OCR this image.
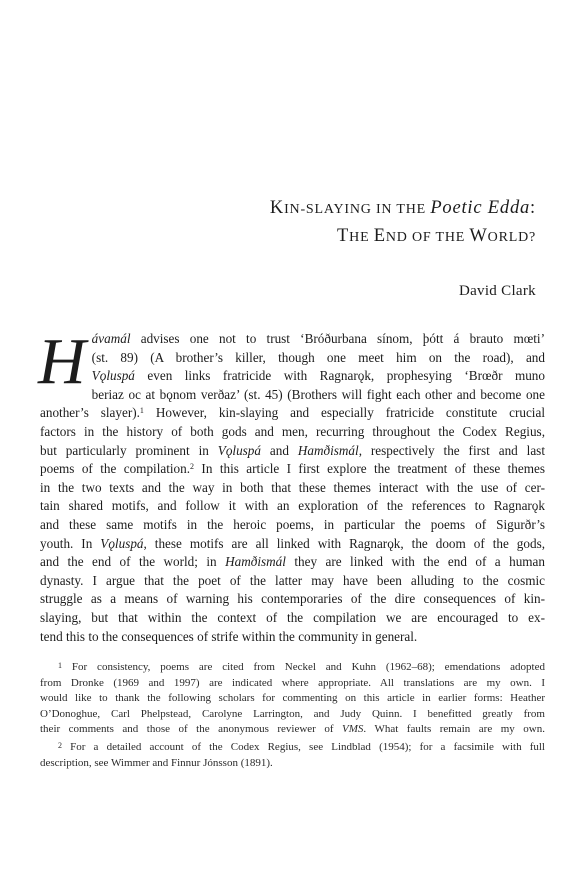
KIN-SLAYING IN THE Poetic Edda:
THE END OF THE WORLD?
David Clark
H ávamál advises one not to trust ‘Bróðurbana sínom, þótt á brauto mœti’
(st. 89) (A brother’s killer, though one meet him on the road), and
Vǫluspá even links fratricide with Ragnarǫk, prophesying ‘Brœðr muno
beriaz oc at bǫnom verðaz’ (st. 45) (Brothers will fight each other and become one
another’s slayer).$^1$ However, kin-slaying and especially fratricide constitute crucial
factors in the history of both gods and men, recurring throughout the Codex Regius,
but particularly prominent in Vǫluspá and Hamðismál, respectively the first and last
poems of the compilation.$^2$ In this article I first explore the treatment of these themes
in the two texts and the way in both that these themes interact with the use of cer-
tain shared motifs, and follow it with an exploration of the references to Ragnarǫk
and these same motifs in the heroic poems, in particular the poems of Sigurðr’s
youth. In Vǫluspá, these motifs are all linked with Ragnarǫk, the doom of the gods,
and the end of the world; in Hamðismál they are linked with the end of a human
dynasty. I argue that the poet of the latter may have been alluding to the cosmic
struggle as a means of warning his contemporaries of the dire consequences of kin-
slaying, but that within the context of the compilation we are encouraged to ex-
tend this to the consequences of strife within the community in general.
$^1$ For consistency, poems are cited from Neckel and Kuhn (1962–68); emendations adopted
from Dronke (1969 and 1997) are indicated where appropriate. All translations are my own. I
would like to thank the following scholars for commenting on this article in earlier forms: Heather
O’Donoghue, Carl Phelpstead, Carolyne Larrington, and Judy Quinn. I benefitted greatly from
their comments and those of the anonymous reviewer of VMS. What faults remain are my own.
$^2$ For a detailed account of the Codex Regius, see Lindblad (1954); for a facsimile with full
description, see Wimmer and Finnur Jónsson (1891).
